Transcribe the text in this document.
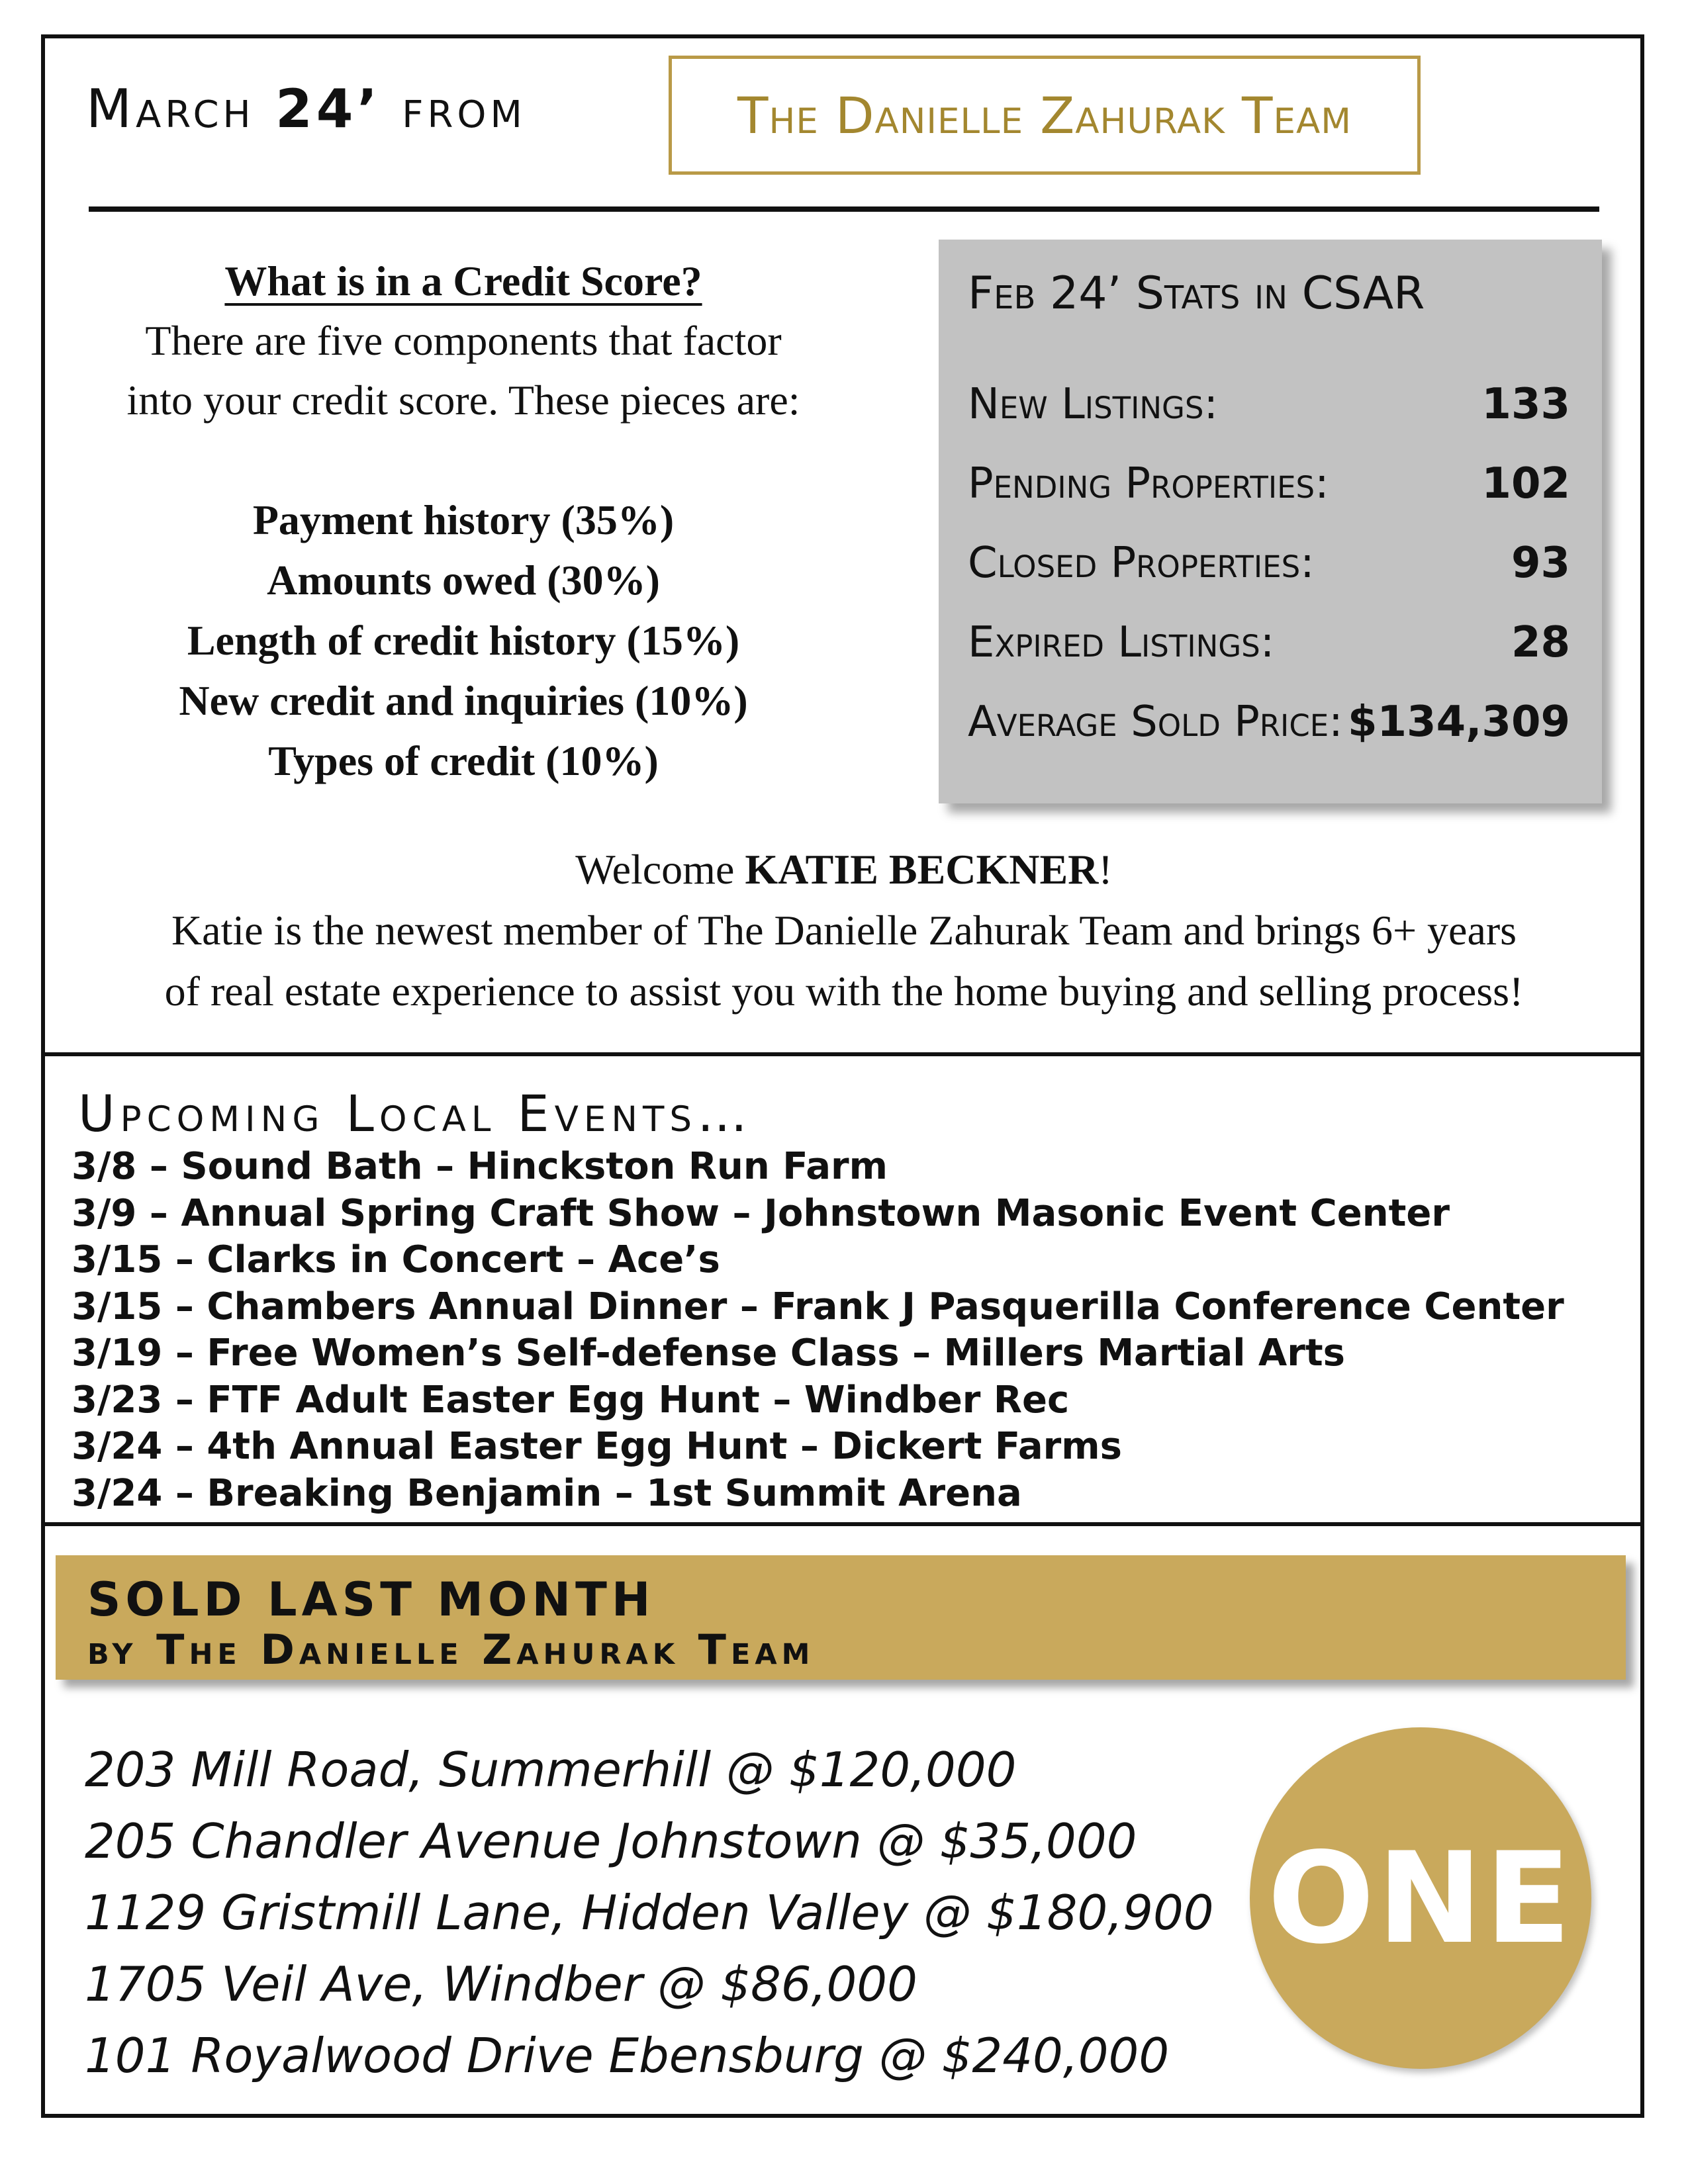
March 24’ from	The Danielle Zahurak Team
What is in a Credit Score?
There are five components that factor
into your credit score. These pieces are:
Payment history (35%)
Amounts owed (30%)
Length of credit history (15%)
New credit and inquiries (10%)
Types of credit (10%)
Feb 24’ Stats in CSAR
New Listings:	133
Pending Properties:	102
Closed Properties:	93
Expired Listings:	28
Average Sold Price: $134,309
Welcome KATIE BECKNER!
Katie is the newest member of The Danielle Zahurak Team and brings 6+ years
of real estate experience to assist you with the home buying and selling process!
Upcoming Local Events…
3/8 – Sound Bath – Hinckston Run Farm
3/9 – Annual Spring Craft Show – Johnstown Masonic Event Center
3/15 – Clarks in Concert – Ace’s
3/15 – Chambers Annual Dinner – Frank J Pasquerilla Conference Center
3/19 – Free Women’s Self-defense Class – Millers Martial Arts
3/23 – FTF Adult Easter Egg Hunt – Windber Rec
3/24 – 4th Annual Easter Egg Hunt – Dickert Farms
3/24 – Breaking Benjamin – 1st Summit Arena
SOLD LAST MONTH
by The Danielle Zahurak Team
203 Mill Road, Summerhill @ $120,000
205 Chandler Avenue Johnstown @ $35,000
1129 Gristmill Lane, Hidden Valley @ $180,900
1705 Veil Ave, Windber @ $86,000
101 Royalwood Drive Ebensburg @ $240,000
ONE
